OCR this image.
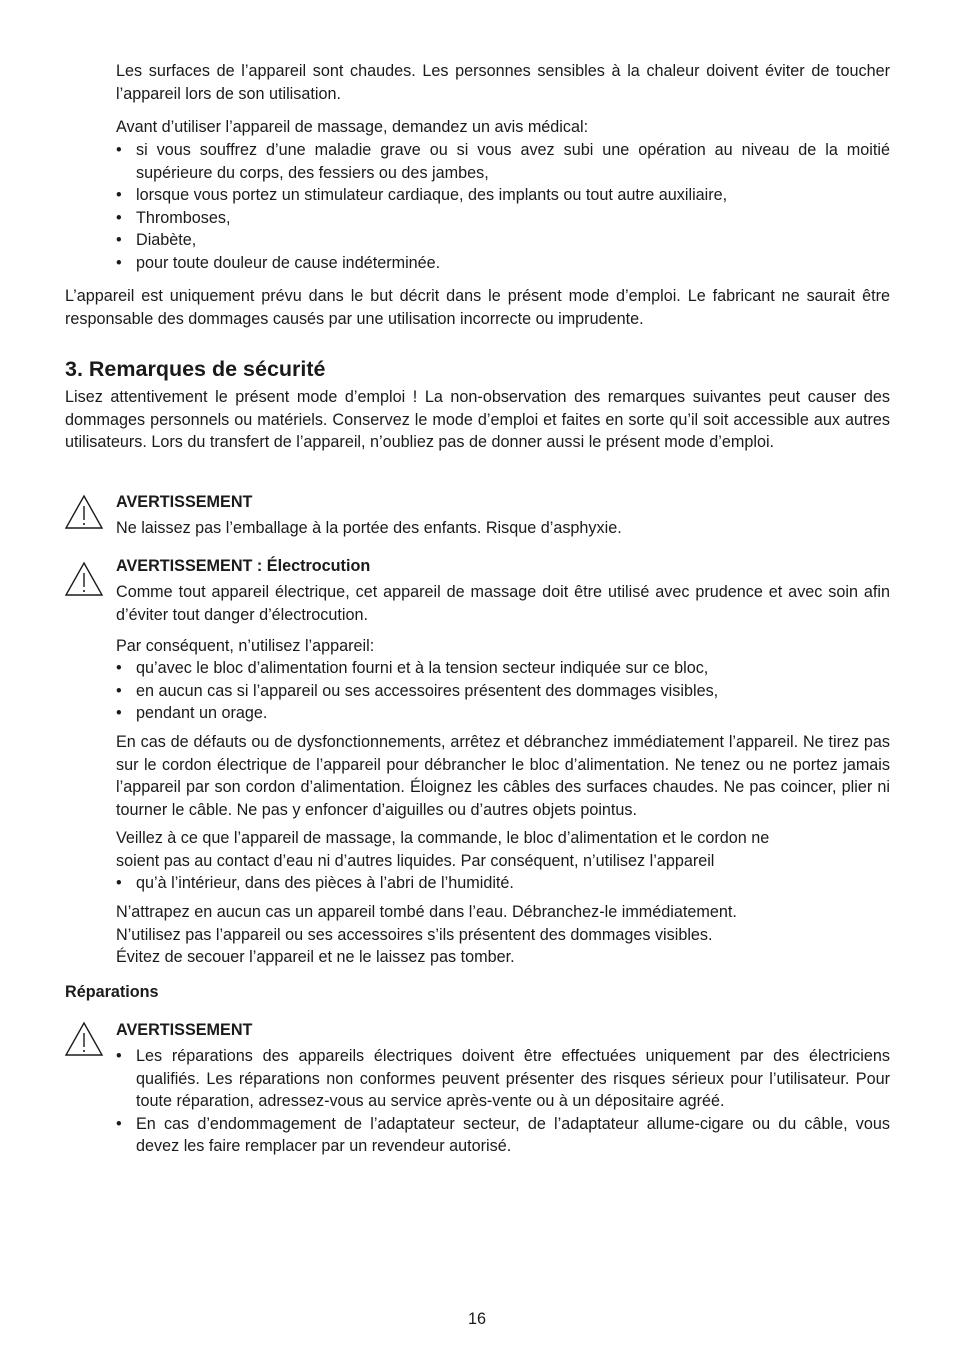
Les surfaces de l’appareil sont chaudes. Les personnes sensibles à la chaleur doivent éviter de toucher l’appareil lors de son utilisation.

Avant d’utiliser l’appareil de massage, demandez un avis médical:

• si vous souffrez d’une maladie grave ou si vous avez subi une opération au niveau de la moitié supérieure du corps, des fessiers ou des jambes,
• lorsque vous portez un stimulateur cardiaque, des implants ou tout autre auxiliaire,
• Thromboses,
• Diabète,
• pour toute douleur de cause indéterminée.

L’appareil est uniquement prévu dans le but décrit dans le présent mode d’emploi. Le fabricant ne saurait être responsable des dommages causés par une utilisation incorrecte ou imprudente.

3. Remarques de sécurité

Lisez attentivement le présent mode d’emploi ! La non-observation des remarques suivantes peut causer des dommages personnels ou matériels. Conservez le mode d’emploi et faites en sorte qu’il soit accessible aux autres utilisateurs. Lors du transfert de l’appareil, n’oubliez pas de donner aussi le présent mode d’emploi.

AVERTISSEMENT

Ne laissez pas l’emballage à la portée des enfants. Risque d’asphyxie.

AVERTISSEMENT : Électrocution

Comme tout appareil électrique, cet appareil de massage doit être utilisé avec prudence et avec soin afin d’éviter tout danger d’électrocution.

Par conséquent, n’utilisez l’appareil:

• qu’avec le bloc d’alimentation fourni et à la tension secteur indiquée sur ce bloc,
• en aucun cas si l’appareil ou ses accessoires présentent des dommages visibles,
• pendant un orage.

En cas de défauts ou de dysfonctionnements, arrêtez et débranchez immédiatement l’appareil. Ne tirez pas sur le cordon électrique de l’appareil pour débrancher le bloc d’alimentation. Ne tenez ou ne portez jamais l’appareil par son cordon d’alimentation. Éloignez les câbles des surfaces chaudes. Ne pas coincer, plier ni tourner le câble. Ne pas y enfoncer d’aiguilles ou d’autres objets pointus.

Veillez à ce que l’appareil de massage, la commande, le bloc d’alimentation et le cordon ne
soient pas au contact d’eau ni d’autres liquides. Par conséquent, n’utilisez l’appareil
• qu’à l’intérieur, dans des pièces à l’abri de l’humidité.
N’attrapez en aucun cas un appareil tombé dans l’eau. Débranchez-le immédiatement.
N’utilisez pas l’appareil ou ses accessoires s’ils présentent des dommages visibles.
Évitez de secouer l’appareil et ne le laissez pas tomber.

Réparations

AVERTISSEMENT

• Les réparations des appareils électriques doivent être effectuées uniquement par des électriciens qualifiés. Les réparations non conformes peuvent présenter des risques sérieux pour l’utilisateur. Pour toute réparation, adressez-vous au service après-vente ou à un dépositaire agréé.
• En cas d’endommagement de l’adaptateur secteur, de l’adaptateur allume-cigare ou du câble, vous devez les faire remplacer par un revendeur autorisé.
16
